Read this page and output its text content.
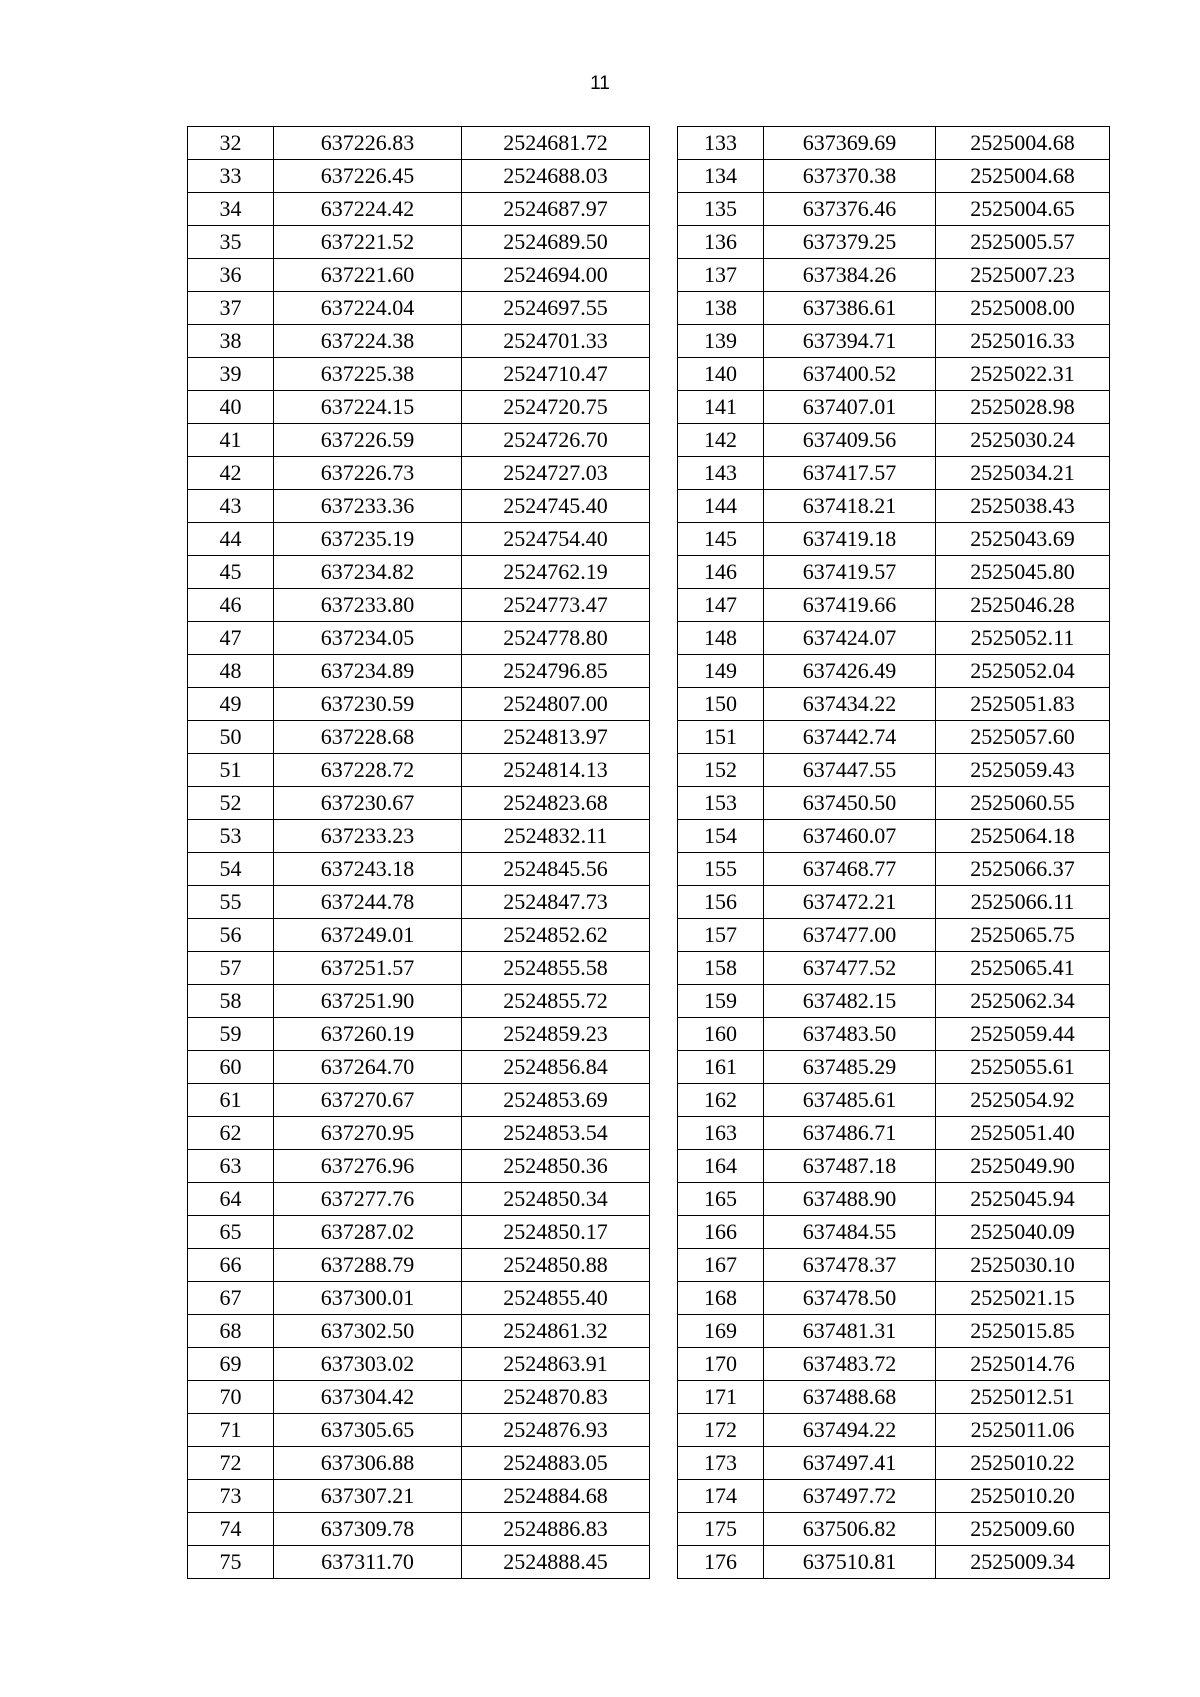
11
32	637226.83	2524681.72
33	637226.45	2524688.03
34	637224.42	2524687.97
35	637221.52	2524689.50
36	637221.60	2524694.00
37	637224.04	2524697.55
38	637224.38	2524701.33
39	637225.38	2524710.47
40	637224.15	2524720.75
41	637226.59	2524726.70
42	637226.73	2524727.03
43	637233.36	2524745.40
44	637235.19	2524754.40
45	637234.82	2524762.19
46	637233.80	2524773.47
47	637234.05	2524778.80
48	637234.89	2524796.85
49	637230.59	2524807.00
50	637228.68	2524813.97
51	637228.72	2524814.13
52	637230.67	2524823.68
53	637233.23	2524832.11
54	637243.18	2524845.56
55	637244.78	2524847.73
56	637249.01	2524852.62
57	637251.57	2524855.58
58	637251.90	2524855.72
59	637260.19	2524859.23
60	637264.70	2524856.84
61	637270.67	2524853.69
62	637270.95	2524853.54
63	637276.96	2524850.36
64	637277.76	2524850.34
65	637287.02	2524850.17
66	637288.79	2524850.88
67	637300.01	2524855.40
68	637302.50	2524861.32
69	637303.02	2524863.91
70	637304.42	2524870.83
71	637305.65	2524876.93
72	637306.88	2524883.05
73	637307.21	2524884.68
74	637309.78	2524886.83
75	637311.70	2524888.45
133	637369.69	2525004.68
134	637370.38	2525004.68
135	637376.46	2525004.65
136	637379.25	2525005.57
137	637384.26	2525007.23
138	637386.61	2525008.00
139	637394.71	2525016.33
140	637400.52	2525022.31
141	637407.01	2525028.98
142	637409.56	2525030.24
143	637417.57	2525034.21
144	637418.21	2525038.43
145	637419.18	2525043.69
146	637419.57	2525045.80
147	637419.66	2525046.28
148	637424.07	2525052.11
149	637426.49	2525052.04
150	637434.22	2525051.83
151	637442.74	2525057.60
152	637447.55	2525059.43
153	637450.50	2525060.55
154	637460.07	2525064.18
155	637468.77	2525066.37
156	637472.21	2525066.11
157	637477.00	2525065.75
158	637477.52	2525065.41
159	637482.15	2525062.34
160	637483.50	2525059.44
161	637485.29	2525055.61
162	637485.61	2525054.92
163	637486.71	2525051.40
164	637487.18	2525049.90
165	637488.90	2525045.94
166	637484.55	2525040.09
167	637478.37	2525030.10
168	637478.50	2525021.15
169	637481.31	2525015.85
170	637483.72	2525014.76
171	637488.68	2525012.51
172	637494.22	2525011.06
173	637497.41	2525010.22
174	637497.72	2525010.20
175	637506.82	2525009.60
176	637510.81	2525009.34
